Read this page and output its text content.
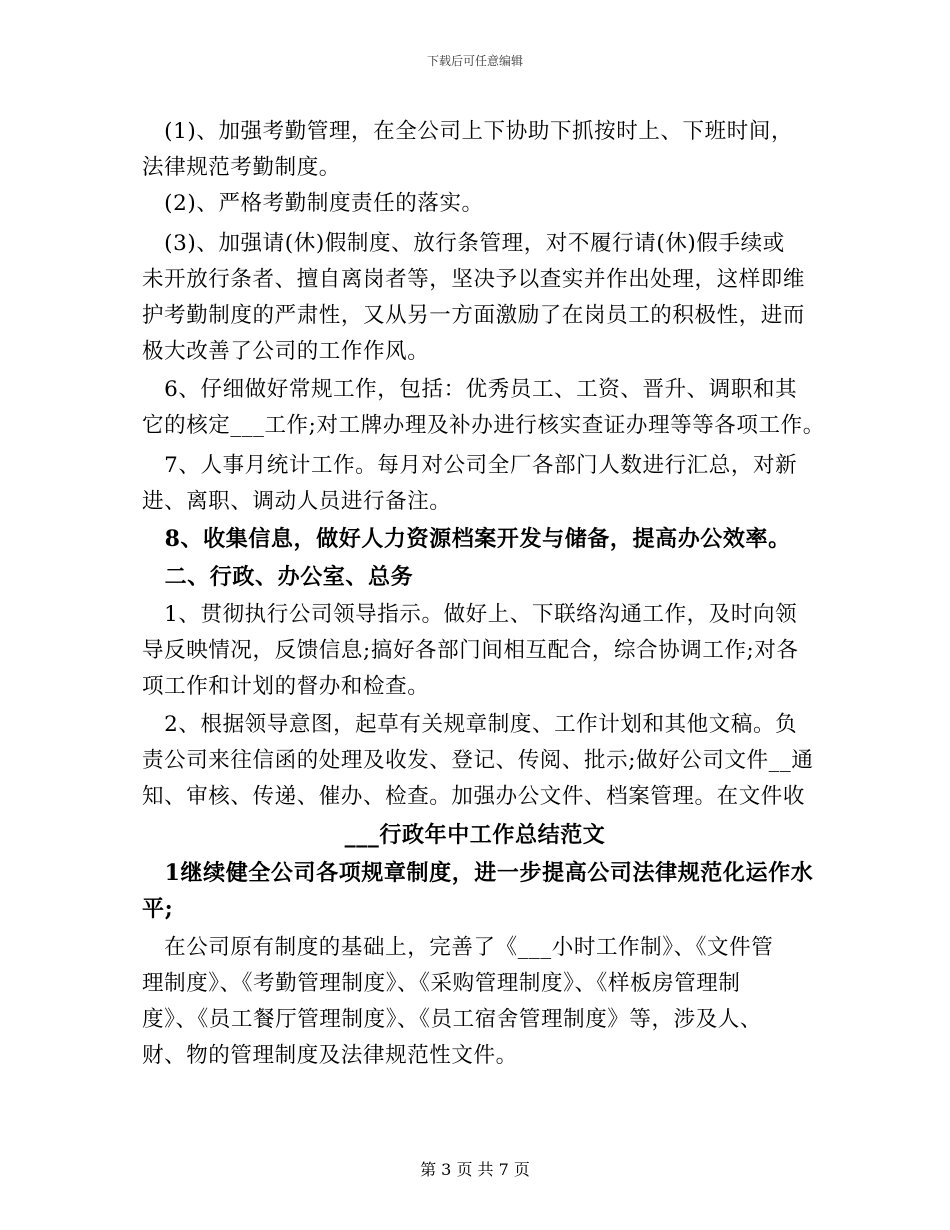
下载后可任意编辑
　(1)、加强考勤管理，在全公司上下协助下抓按时上、下班时间，
法律规范考勤制度。
　(2)、严格考勤制度责任的落实。
　(3)、加强请(休)假制度、放行条管理，对不履行请(休)假手续或
未开放行条者、擅自离岗者等，坚决予以查实并作出处理，这样即维
护考勤制度的严肃性，又从另一方面激励了在岗员工的积极性，进而
极大改善了公司的工作作风。
　6、仔细做好常规工作，包括：优秀员工、工资、晋升、调职和其
它的核定___工作;对工牌办理及补办进行核实查证办理等等各项工作。
　7、人事月统计工作。每月对公司全厂各部门人数进行汇总，对新
进、离职、调动人员进行备注。
　8、收集信息，做好人力资源档案开发与储备，提高办公效率。
　二、行政、办公室、总务
　1、贯彻执行公司领导指示。做好上、下联络沟通工作，及时向领
导反映情况，反馈信息;搞好各部门间相互配合，综合协调工作;对各
项工作和计划的督办和检查。
　2、根据领导意图，起草有关规章制度、工作计划和其他文稿。负
责公司来往信函的处理及收发、登记、传阅、批示;做好公司文件__通
知、审核、传递、催办、检查。加强办公文件、档案管理。在文件收
___行政年中工作总结范文
　1继续健全公司各项规章制度，进一步提高公司法律规范化运作水
平;
　在公司原有制度的基础上，完善了《___小时工作制》、《文件管
理制度》、《考勤管理制度》、《采购管理制度》、《样板房管理制
度》、《员工餐厅管理制度》、《员工宿舍管理制度》等，涉及人、
财、物的管理制度及法律规范性文件。
第 3 页 共 7 页
